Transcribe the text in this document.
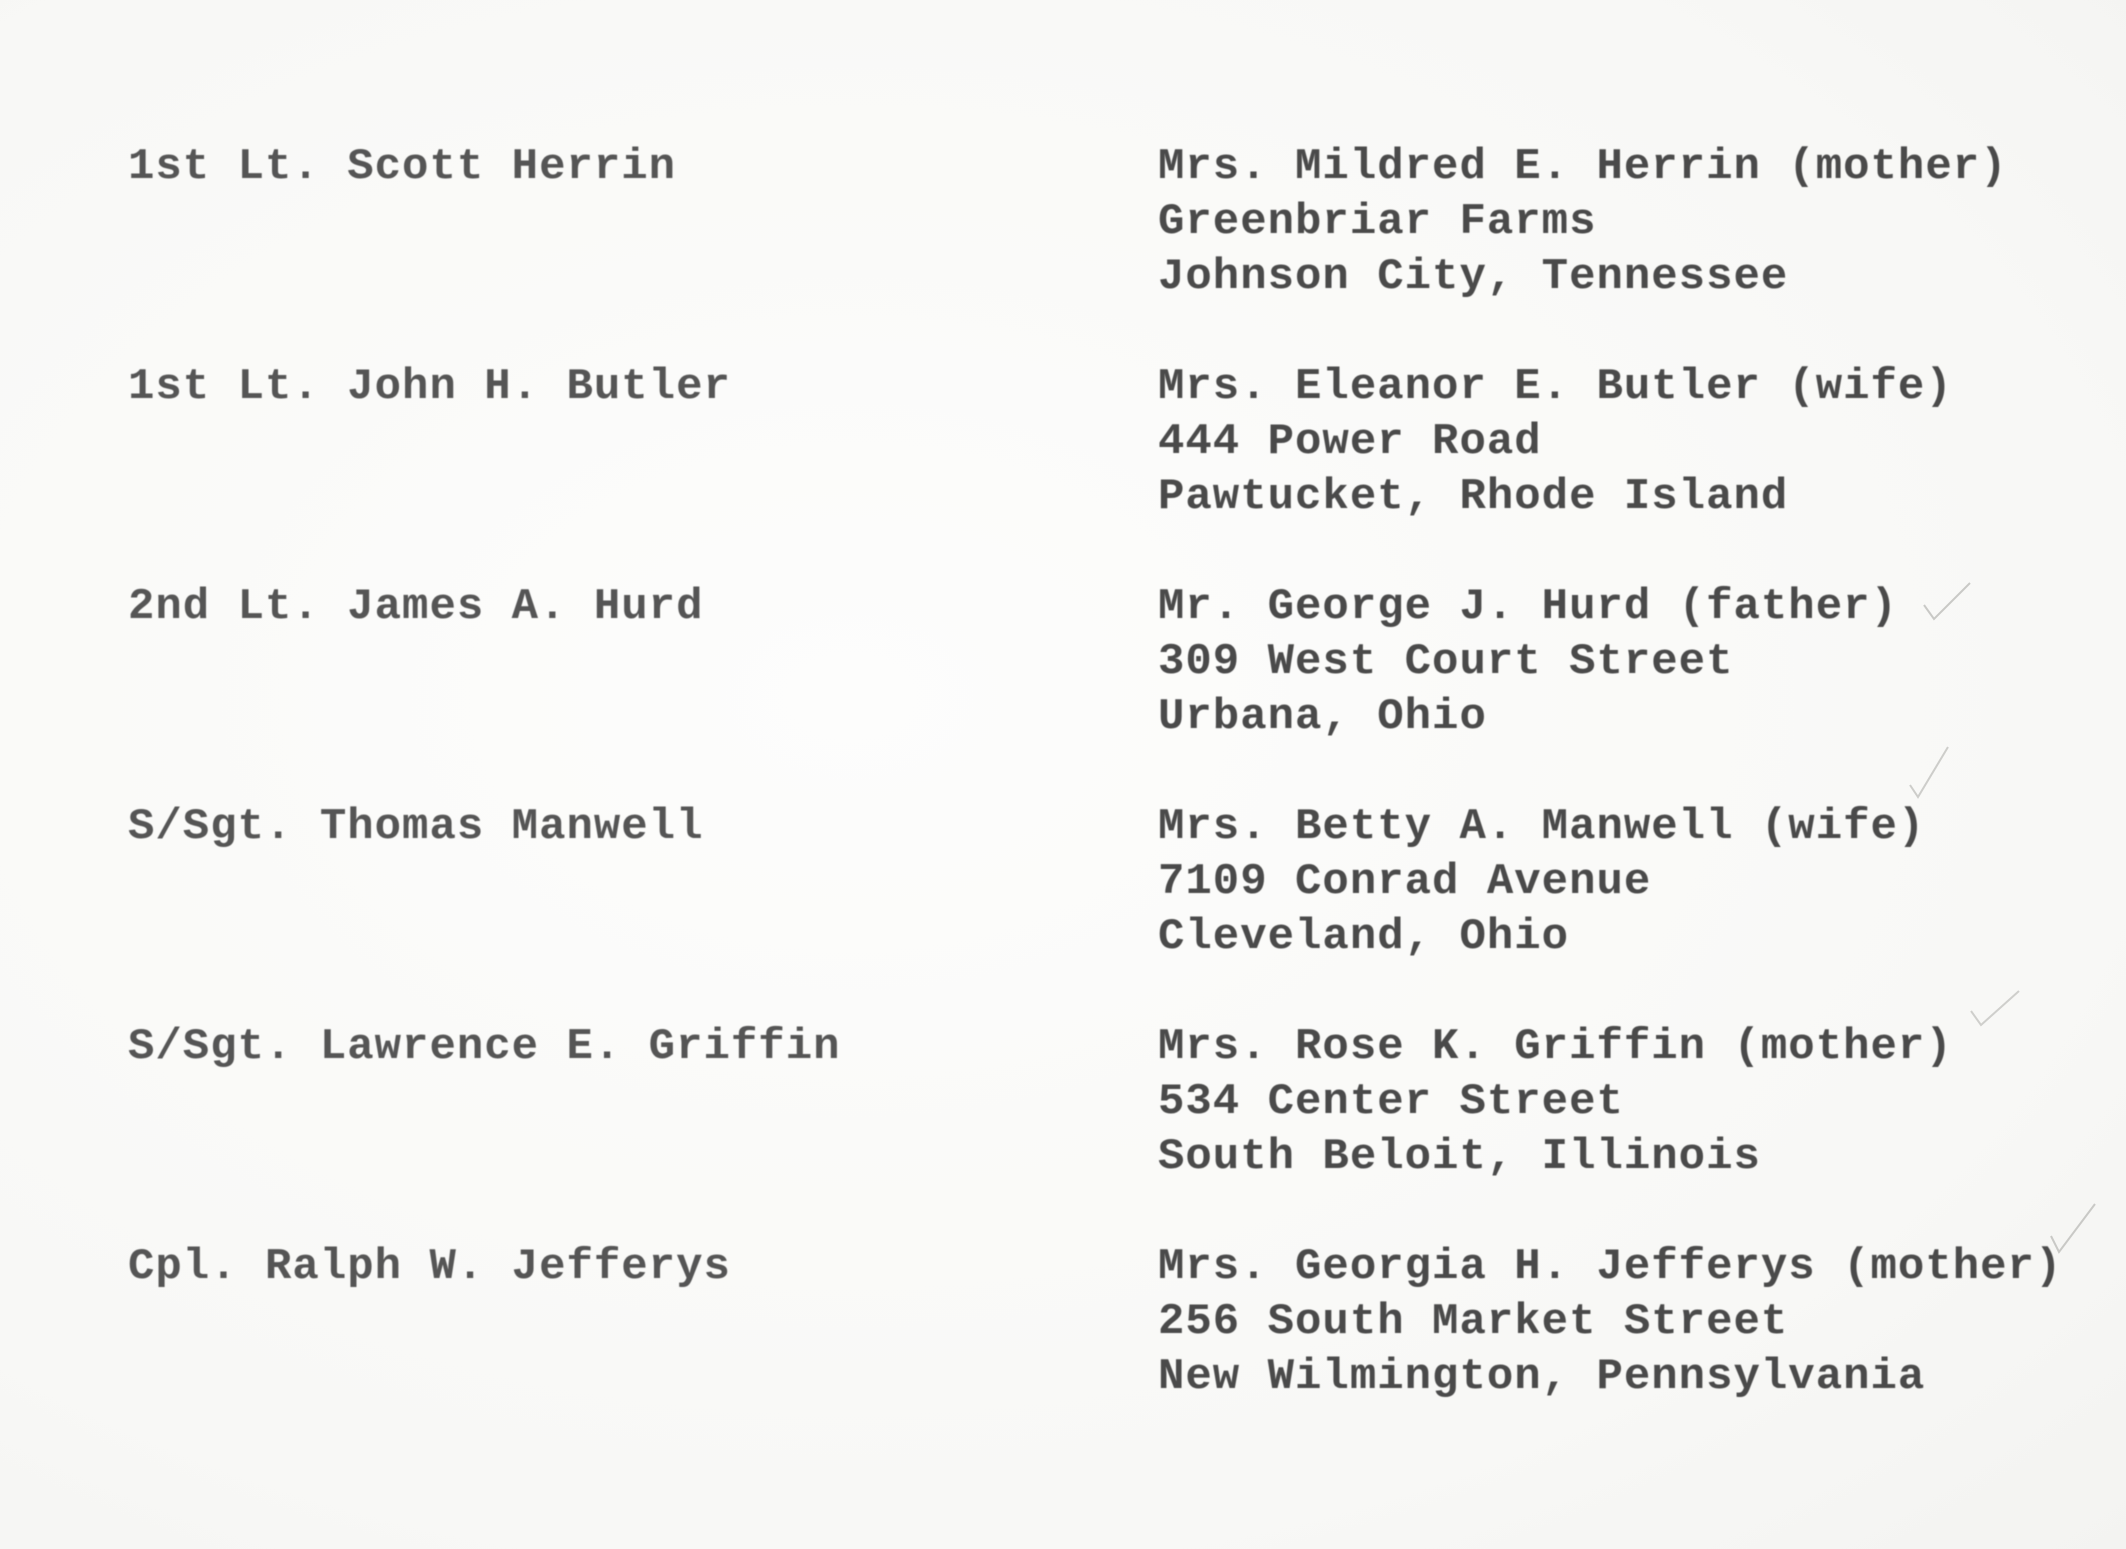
1st Lt. Scott Herrin	Mrs. Mildred E. Herrin (mother)
Greenbriar Farms
Johnson City, Tennessee
1st Lt. John H. Butler	Mrs. Eleanor E. Butler (wife)
444 Power Road
Pawtucket, Rhode Island
2nd Lt. James A. Hurd	Mr. George J. Hurd (father)
309 West Court Street
Urbana, Ohio
S/Sgt. Thomas Manwell	Mrs. Betty A. Manwell (wife)
7109 Conrad Avenue
Cleveland, Ohio
S/Sgt. Lawrence E. Griffin	Mrs. Rose K. Griffin (mother)
534 Center Street
South Beloit, Illinois
Cpl. Ralph W. Jefferys	Mrs. Georgia H. Jefferys (mother)
256 South Market Street
New Wilmington, Pennsylvania
